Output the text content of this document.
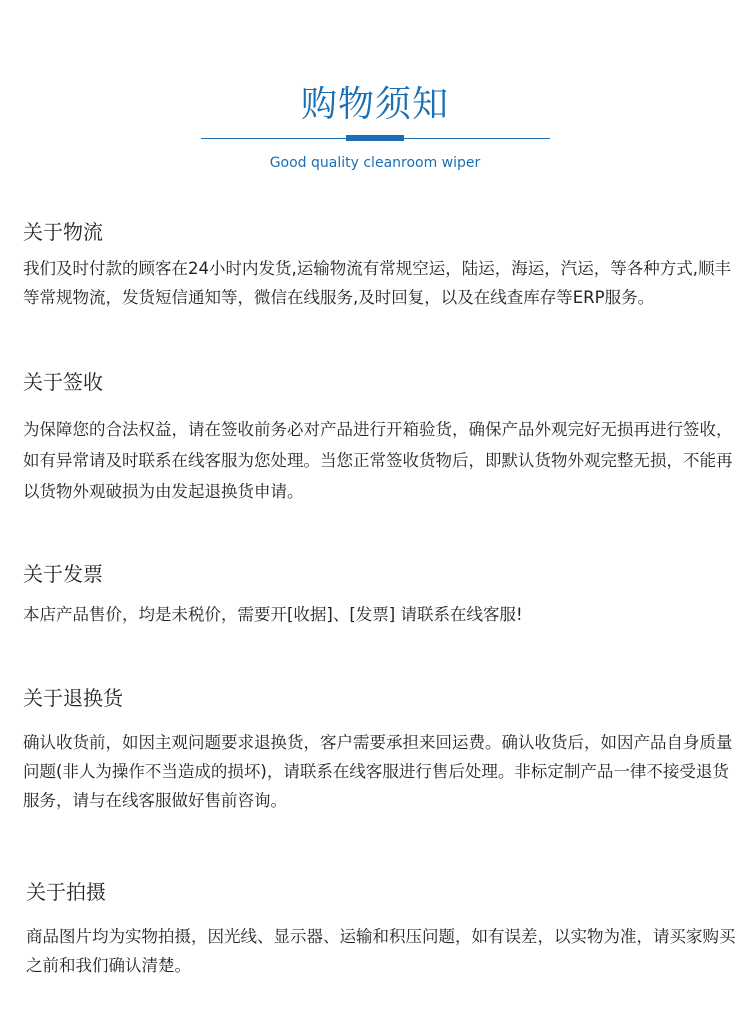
购物须知
Good quality cleanroom wiper
关于物流

我们及时付款的顾客在24小时内发货,运输物流有常规空运，陆运，海运，汽运，等各种方式,顺丰等常规物流，发货短信通知等，微信在线服务,及时回复，以及在线查库存等ERP服务。

关于签收

为保障您的合法权益，请在签收前务必对产品进行开箱验货，确保产品外观完好无损再进行签收，如有异常请及时联系在线客服为您处理。当您正常签收货物后，即默认货物外观完整无损，不能再以货物外观破损为由发起退换货申请。

关于发票

本店产品售价，均是未税价，需要开[收据]、[发票] 请联系在线客服!

关于退换货

确认收货前，如因主观问题要求退换货，客户需要承担来回运费。确认收货后，如因产品自身质量问题(非人为操作不当造成的损坏)，请联系在线客服进行售后处理。非标定制产品一律不接受退货服务，请与在线客服做好售前咨询。

关于拍摄

商品图片均为实物拍摄，因光线、显示器、运输和积压问题，如有误差，以实物为准，请买家购买之前和我们确认清楚。
